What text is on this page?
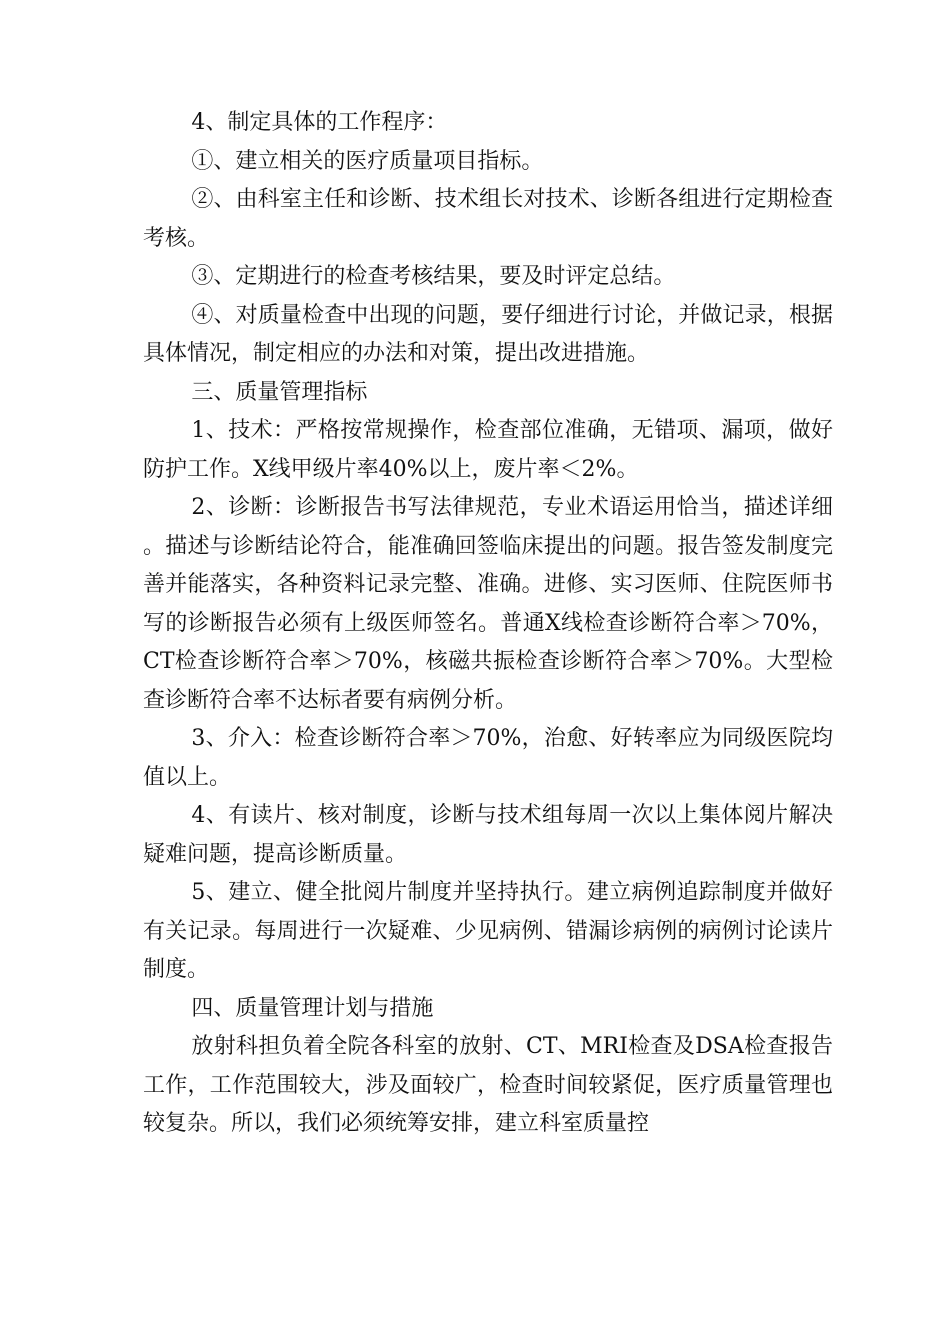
4、制定具体的工作程序：

①、建立相关的医疗质量项目指标。

②、由科室主任和诊断、技术组长对技术、诊断各组进行定期检查考核。

③、定期进行的检查考核结果，要及时评定总结。

④、对质量检查中出现的问题，要仔细进行讨论，并做记录，根据具体情况，制定相应的办法和对策，提出改进措施。

三、质量管理指标

1、技术：严格按常规操作，检查部位准确，无错项、漏项，做好防护工作。X线甲级片率40%以上，废片率＜2%。

2、诊断：诊断报告书写法律规范，专业术语运用恰当，描述详细。描述与诊断结论符合，能准确回签临床提出的问题。报告签发制度完善并能落实，各种资料记录完整、准确。进修、实习医师、住院医师书写的诊断报告必须有上级医师签名。普通X线检查诊断符合率＞70%，CT检查诊断符合率＞70%，核磁共振检查诊断符合率＞70%。大型检查诊断符合率不达标者要有病例分析。

3、介入：检查诊断符合率＞70%，治愈、好转率应为同级医院均值以上。

4、有读片、核对制度，诊断与技术组每周一次以上集体阅片解决疑难问题，提高诊断质量。

5、建立、健全批阅片制度并坚持执行。建立病例追踪制度并做好有关记录。每周进行一次疑难、少见病例、错漏诊病例的病例讨论读片制度。

四、质量管理计划与措施

放射科担负着全院各科室的放射、CT、MRI检查及DSA检查报告工作，工作范围较大，涉及面较广，检查时间较紧促，医疗质量管理也较复杂。所以，我们必须统筹安排，建立科室质量控
